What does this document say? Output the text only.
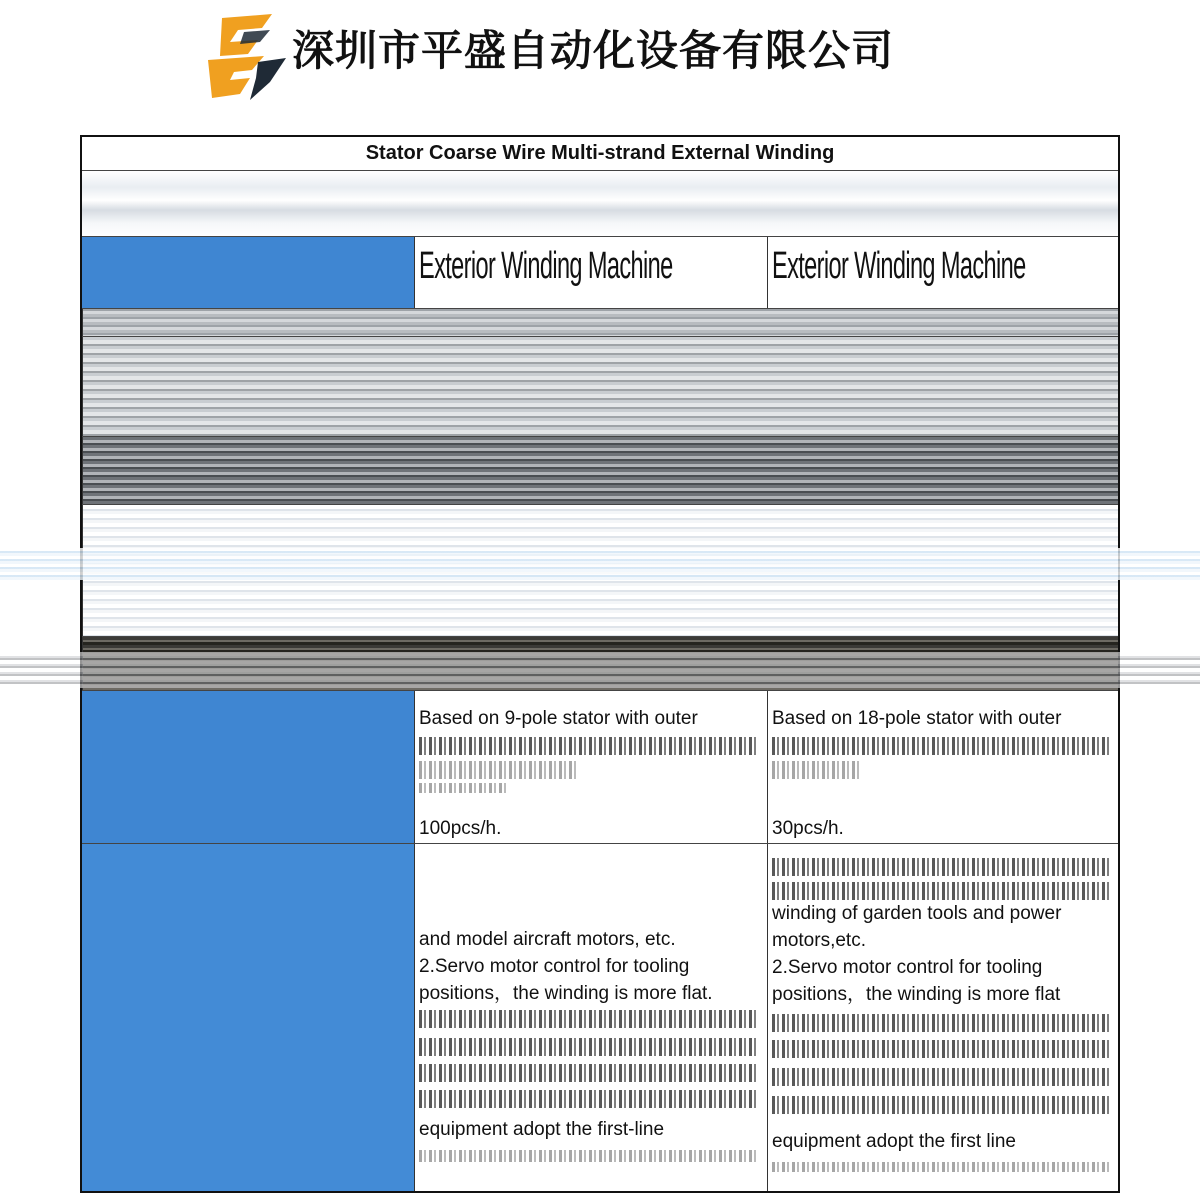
深圳市平盛自动化设备有限公司
Stator Coarse Wire Multi-strand External Winding
Exterior Winding Machine	Exterior Winding Machine
Based on 9-pole stator with outer
100pcs/h.
Based on 18-pole stator with outer
30pcs/h.
and model aircraft motors, etc.
2.Servo motor control for tooling
positions，the winding is more flat.
equipment adopt the first-line
winding of garden tools and power
motors,etc.
2.Servo motor control for tooling
positions，the winding is more flat
equipment adopt the first line
